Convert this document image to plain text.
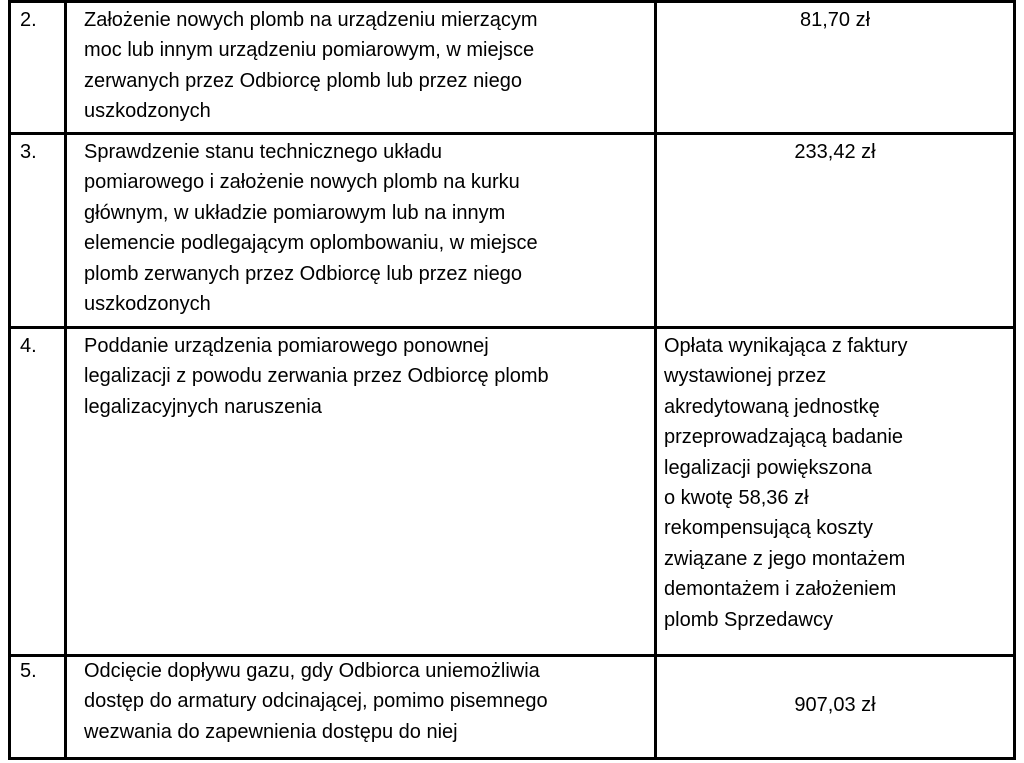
2. Założenie nowych plomb na urządzeniu mierzącym
moc lub innym urządzeniu pomiarowym, w miejsce
zerwanych przez Odbiorcę plomb lub przez niego
uszkodzonych
81,70 zł
3. Sprawdzenie stanu technicznego układu
pomiarowego i założenie nowych plomb na kurku
głównym, w układzie pomiarowym lub na innym
elemencie podlegającym oplombowaniu, w miejsce
plomb zerwanych przez Odbiorcę lub przez niego
uszkodzonych
233,42 zł
4. Poddanie urządzenia pomiarowego ponownej
legalizacji z powodu zerwania przez Odbiorcę plomb
legalizacyjnych naruszenia
Opłata wynikająca z faktury
wystawionej przez
akredytowaną jednostkę
przeprowadzającą badanie
legalizacji powiększona
o kwotę 58,36 zł
rekompensującą koszty
związane z jego montażem
demontażem i założeniem
plomb Sprzedawcy
5. Odcięcie dopływu gazu, gdy Odbiorca uniemożliwia
dostęp do armatury odcinającej, pomimo pisemnego
wezwania do zapewnienia dostępu do niej
907,03 zł
